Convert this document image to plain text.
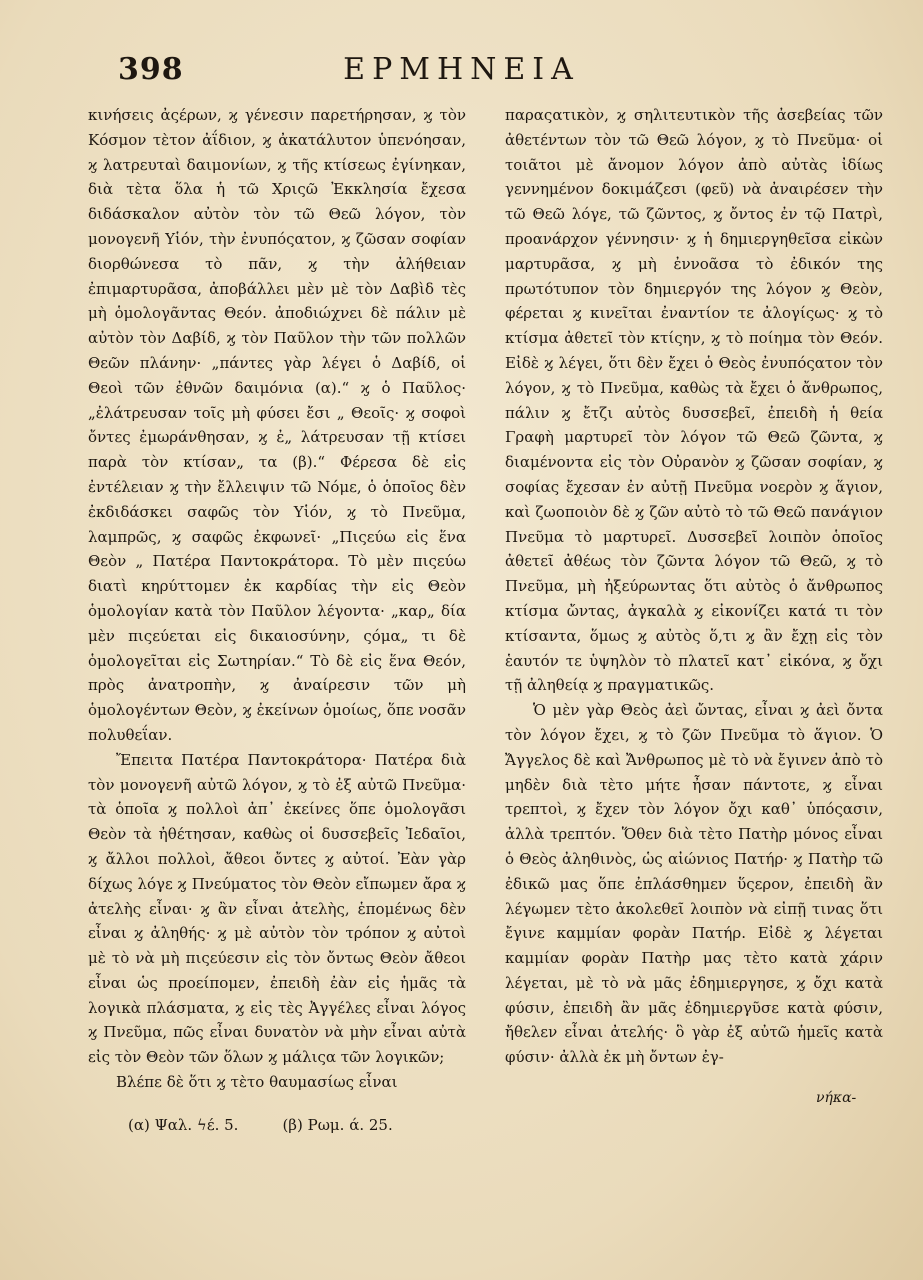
398	ΕΡΜΗΝΕΙΑ

κινήσεις ἀςέρων, ϗ γένεσιν παρετήρησαν, ϗ τὸν Κόσμον τὲτον ἀΐδιον, ϗ ἀκατάλυτον ὑπενόησαν, ϗ λατρευταὶ δαιμονίων, ϗ τῆς κτίσεως ἐγίνηκαν, διὰ τὲτα ὅλα ἡ τῶ Χριςῶ Ἐκκλησία ἔχεσα διδάσκαλον αὐτὸν τὸν τῶ Θεῶ λόγον, τὸν μονογενῆ Υἱόν, τὴν ἐνυπόςατον, ϗ ζῶσαν σοφίαν διορθώνεσα τὸ πᾶν, ϗ τὴν ἀλήθειαν ἐπιμαρτυρᾶσα, ἀποβάλλει μὲν μὲ τὸν Δαβὶδ τὲς μὴ ὁμολογᾶντας Θεόν. ἀποδιώχνει δὲ πάλιν μὲ αὐτὸν τὸν Δαβίδ, ϗ τὸν Παῦλον τὴν τῶν πολλῶν Θεῶν πλάνην· „πάντες γὰρ λέγει ὁ Δαβίδ, οἱ Θεοὶ τῶν ἐθνῶν δαιμόνια (α).“ ϗ ὁ Παῦλος· „ἐλάτρευσαν τοῖς μὴ φύσει ἔσι „ Θεοῖς· ϗ σοφοὶ ὄντες ἐμωράνθησαν, ϗ ἐ„ λάτρευσαν τῇ κτίσει παρὰ τὸν κτίσαν„ τα (β).“ Φέρεσα δὲ εἰς ἐντέλειαν ϗ τὴν ἔλλειψιν τῶ Νόμε, ὁ ὁποῖος δὲν ἐκδιδάσκει σαφῶς τὸν Υἱόν, ϗ τὸ Πνεῦμα, λαμπρῶς, ϗ σαφῶς ἐκφωνεῖ· „Πιςεύω εἰς ἕνα Θεὸν „ Πατέρα Παντοκράτορα. Τὸ μὲν πιςεύω διατὶ κηρύττομεν ἐκ καρδίας τὴν εἰς Θεὸν ὁμολογίαν κατὰ τὸν Παῦλον λέγοντα· „καρ„ δία μὲν πιςεύεται εἰς δικαιοσύνην, ςόμα„ τι δὲ ὁμολογεῖται εἰς Σωτηρίαν.“ Τὸ δὲ εἰς ἕνα Θεόν, πρὸς ἀνατροπὴν, ϗ ἀναίρεσιν τῶν μὴ ὁμολογέντων Θεὸν, ϗ ἐκείνων ὁμοίως, ὅπε νοσᾶν πολυθεΐαν.

Ἔπειτα Πατέρα Παντοκράτορα· Πατέρα διὰ τὸν μονογενῆ αὐτῶ λόγον, ϗ τὸ ἐξ αὐτῶ Πνεῦμα· τὰ ὁποῖα ϗ πολλοὶ ἀπ᾽ ἐκείνες ὅπε ὁμολογᾶσι Θεὸν τὰ ἠθέτησαν, καθὼς οἱ δυσσεβεῖς Ἰεδαῖοι, ϗ ἄλλοι πολλοὶ, ἄθεοι ὄντες ϗ αὐτοί. Ἐὰν γὰρ δίχως λόγε ϗ Πνεύματος τὸν Θεὸν εἴπωμεν ἄρα ϗ ἀτελὴς εἶναι· ϗ ἂν εἶναι ἀτελὴς, ἑπομένως δὲν εἶναι ϗ ἀληθής· ϗ μὲ αὐτὸν τὸν τρόπον ϗ αὐτοὶ μὲ τὸ νὰ μὴ πιςεύεσιν εἰς τὸν ὄντως Θεὸν ἄθεοι εἶναι ὡς προείπομεν, ἐπειδὴ ἐὰν εἰς ἡμᾶς τὰ λογικὰ πλάσματα, ϗ εἰς τὲς Ἀγγέλες εἶναι λόγος ϗ Πνεῦμα, πῶς εἶναι δυνατὸν νὰ μὴν εἶναι αὐτὰ εἰς τὸν Θεὸν τῶν ὅλων ϗ μάλιςα τῶν λογικῶν;

Βλέπε δὲ ὅτι ϗ τὲτο θαυμασίως εἶναι

παραςατικὸν, ϗ σηλιτευτικὸν τῆς ἀσεβείας τῶν ἀθετέντων τὸν τῶ Θεῶ λόγον, ϗ τὸ Πνεῦμα· οἱ τοιᾶτοι μὲ ἄνομον λόγον ἀπὸ αὐτὰς ἰδίως γεννημένον δοκιμάζεσι (φεῦ) νὰ ἀναιρέσεν τὴν τῶ Θεῶ λόγε, τῶ ζῶντος, ϗ ὄντος ἐν τῷ Πατρὶ, προανάρχον γέννησιν· ϗ ἡ δημιεργηθεῖσα εἰκὼν μαρτυρᾶσα, ϗ μὴ ἐννοᾶσα τὸ ἐδικόν της πρωτότυπον τὸν δημιεργόν της λόγον ϗ Θεὸν, φέρεται ϗ κινεῖται ἐναντίον τε ἀλογίςως· ϗ τὸ κτίσμα ἀθετεῖ τὸν κτίςην, ϗ τὸ ποίημα τὸν Θεόν. Εἰδὲ ϗ λέγει, ὅτι δὲν ἔχει ὁ Θεὸς ἐνυπόςατον τὸν λόγον, ϗ τὸ Πνεῦμα, καθὼς τὰ ἔχει ὁ ἄνθρωπος, πάλιν ϗ ἔτζι αὐτὸς δυσσεβεῖ, ἐπειδὴ ἡ θεία Γραφὴ μαρτυρεῖ τὸν λόγον τῶ Θεῶ ζῶντα, ϗ διαμένοντα εἰς τὸν Οὐρανὸν ϗ ζῶσαν σοφίαν, ϗ σοφίας ἔχεσαν ἐν αὐτῇ Πνεῦμα νοερὸν ϗ ἅγιον, καὶ ζωοποιὸν δὲ ϗ ζῶν αὐτὸ τὸ τῶ Θεῶ πανάγιον Πνεῦμα τὸ μαρτυρεῖ. Δυσσεβεῖ λοιπὸν ὁποῖος ἀθετεῖ ἀθέως τὸν ζῶντα λόγον τῶ Θεῶ, ϗ τὸ Πνεῦμα, μὴ ἠξεύρωντας ὅτι αὐτὸς ὁ ἄνθρωπος κτίσμα ὤντας, ἀγκαλὰ ϗ εἰκονίζει κατά τι τὸν κτίσαντα, ὅμως ϗ αὐτὸς ὅ,τι ϗ ἂν ἔχῃ εἰς τὸν ἑαυτόν τε ὑψηλὸν τὸ πλατεῖ κατ᾽ εἰκόνα, ϗ ὄχι τῇ ἀληθείᾳ ϗ πραγματικῶς.

Ὁ μὲν γὰρ Θεὸς ἀεὶ ὤντας, εἶναι ϗ ἀεὶ ὄντα τὸν λόγον ἔχει, ϗ τὸ ζῶν Πνεῦμα τὸ ἅγιον. Ὁ Ἄγγελος δὲ καὶ Ἄνθρωπος μὲ τὸ νὰ ἔγινεν ἀπὸ τὸ μηδὲν διὰ τὲτο μήτε ἦσαν πάντοτε, ϗ εἶναι τρεπτοὶ, ϗ ἔχεν τὸν λόγον ὄχι καθ᾽ ὑπόςασιν, ἀλλὰ τρεπτόν. Ὅθεν διὰ τὲτο Πατὴρ μόνος εἶναι ὁ Θεὸς ἀληθινὸς, ὡς αἰώνιος Πατήρ· ϗ Πατὴρ τῶ ἐδικῶ μας ὅπε ἐπλάσθημεν ὕςερον, ἐπειδὴ ἂν λέγωμεν τὲτο ἀκολεθεῖ λοιπὸν νὰ εἰπῇ τινας ὅτι ἔγινε καμμίαν φορὰν Πατήρ. Εἰδὲ ϗ λέγεται καμμίαν φορὰν Πατὴρ μας τὲτο κατὰ χάριν λέγεται, μὲ τὸ νὰ μᾶς ἐδημιεργησε, ϗ ὄχι κατὰ φύσιν, ἐπειδὴ ἂν μᾶς ἐδημιεργῦσε κατὰ φύσιν, ἤθελεν εἶναι ἀτελής· ὃ γὰρ ἐξ αὐτῶ ἡμεῖς κατὰ φύσιν· ἀλλὰ ἐκ μὴ ὄντων ἐγ-

νήκα-
(α) Ψαλ. ϟέ. 5.	(β) Ρωμ. ά. 25.
